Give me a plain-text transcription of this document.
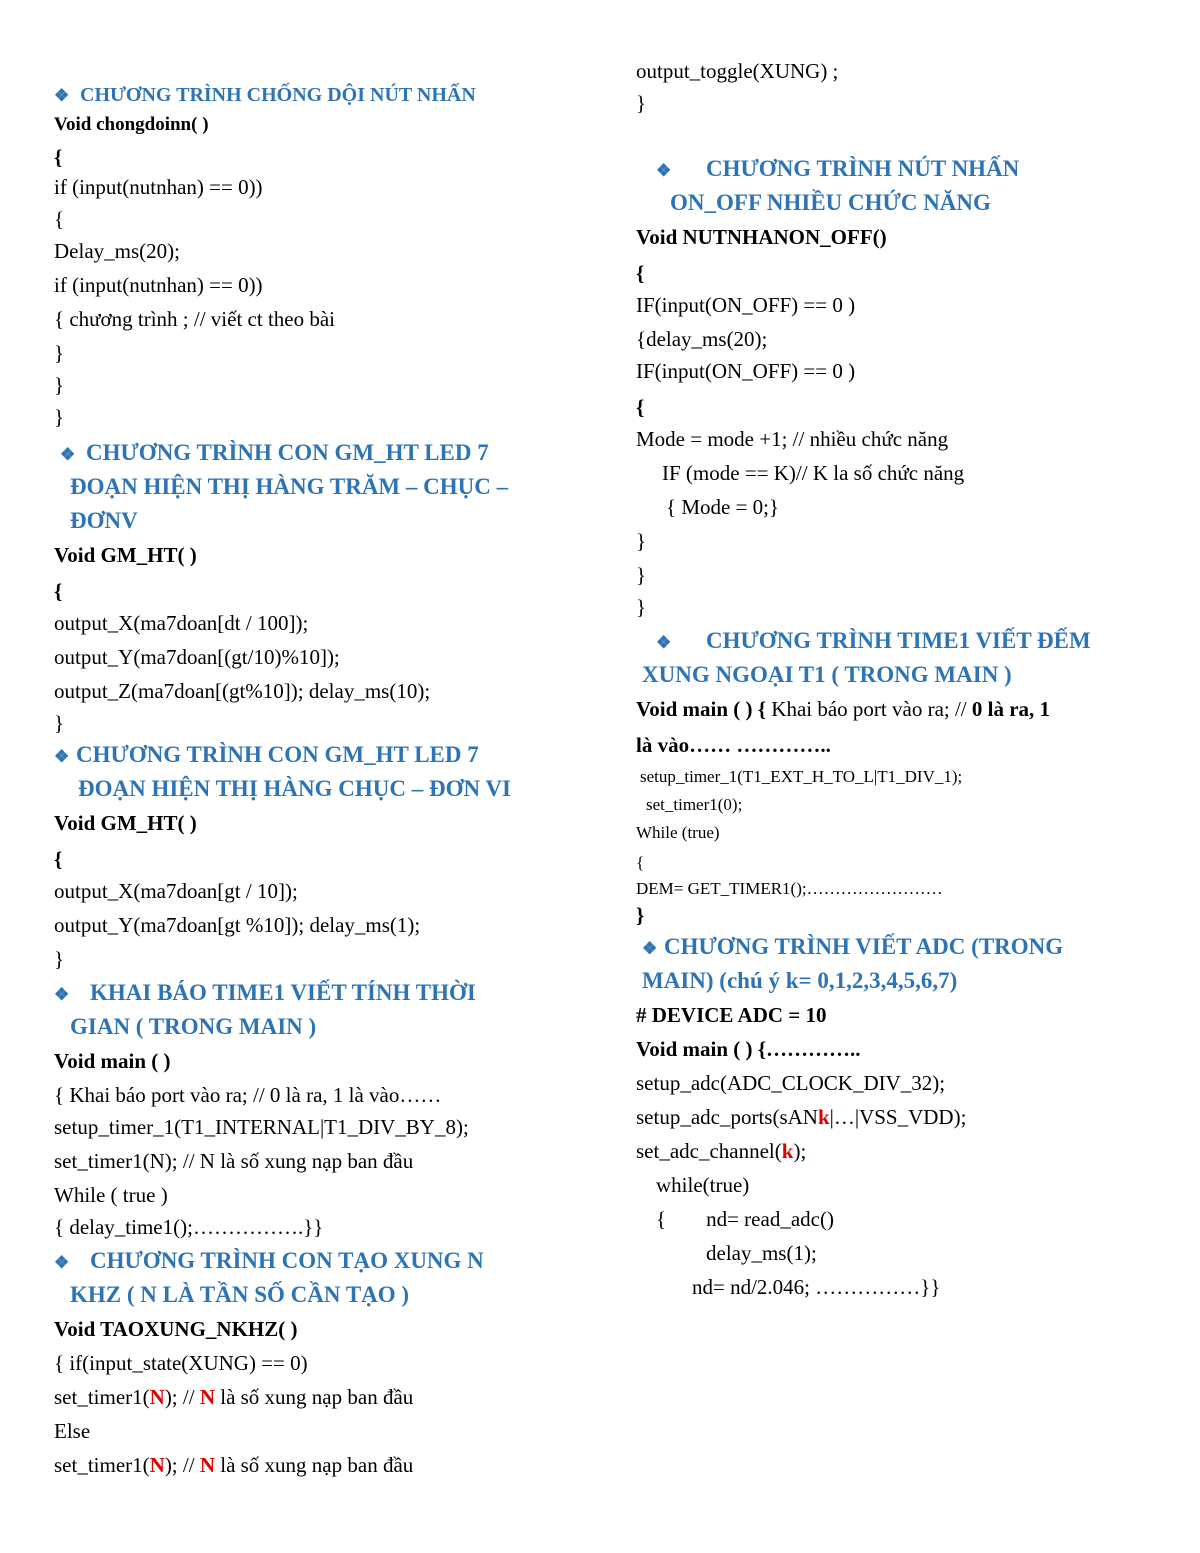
❖ CHƯƠNG TRÌNH CHỐNG DỘI NÚT NHẤN
Void chongdoinn( )
{
if (input(nutnhan) == 0))
{
Delay_ms(20);
if (input(nutnhan) == 0))
{ chương trình ; // viết ct theo bài
}
}
}
❖ CHƯƠNG TRÌNH CON GM_HT LED 7
ĐOẠN HIỆN THỊ HÀNG TRĂM – CHỤC –
ĐƠNV
Void GM_HT( )
{
output_X(ma7doan[dt / 100]);
output_Y(ma7doan[(gt/10)%10]);
output_Z(ma7doan[(gt%10]); delay_ms(10);
}
❖ CHƯƠNG TRÌNH CON GM_HT LED 7
ĐOẠN HIỆN THỊ HÀNG CHỤC – ĐƠN VI
Void GM_HT( )
{
output_X(ma7doan[gt / 10]);
output_Y(ma7doan[gt %10]); delay_ms(1);
}
❖ KHAI BÁO TIME1 VIẾT TÍNH THỜI
GIAN ( TRONG MAIN )
Void main ( )
{ Khai báo port vào ra; // 0 là ra, 1 là vào……
setup_timer_1(T1_INTERNAL|T1_DIV_BY_8);
set_timer1(N); // N là số xung nạp ban đầu
While ( true )
{ delay_time1();…………….}}
❖ CHƯƠNG TRÌNH CON TẠO XUNG N
KHZ ( N LÀ TẦN SỐ CẦN TẠO )
Void TAOXUNG_NKHZ( )
{ if(input_state(XUNG) == 0)
set_timer1(N); // N là số xung nạp ban đầu
Else
set_timer1(N); // N là số xung nạp ban đầu
output_toggle(XUNG) ;
}
❖ CHƯƠNG TRÌNH NÚT NHẤN
ON_OFF NHIỀU CHỨC NĂNG
Void NUTNHANON_OFF()
{
IF(input(ON_OFF) == 0 )
{delay_ms(20);
IF(input(ON_OFF) == 0 )
{
Mode = mode +1; // nhiều chức năng
IF (mode == K)// K la số chức năng
{ Mode = 0;}
}
}
}
❖ CHƯƠNG TRÌNH TIME1 VIẾT ĐẾM
XUNG NGOẠI T1 ( TRONG MAIN )
Void main ( ) { Khai báo port vào ra; // 0 là ra, 1
là vào…… …………..
setup_timer_1(T1_EXT_H_TO_L|T1_DIV_1);
set_timer1(0);
While (true)
{
DEM= GET_TIMER1();……………………
}
❖ CHƯƠNG TRÌNH VIẾT ADC (TRONG
MAIN) (chú ý k= 0,1,2,3,4,5,6,7)
# DEVICE ADC = 10
Void main ( ) {…………..
setup_adc(ADC_CLOCK_DIV_32);
setup_adc_ports(sANk|…|VSS_VDD);
set_adc_channel(k);
while(true)
{ nd= read_adc()
delay_ms(1);
nd= nd/2.046; ……………}}
